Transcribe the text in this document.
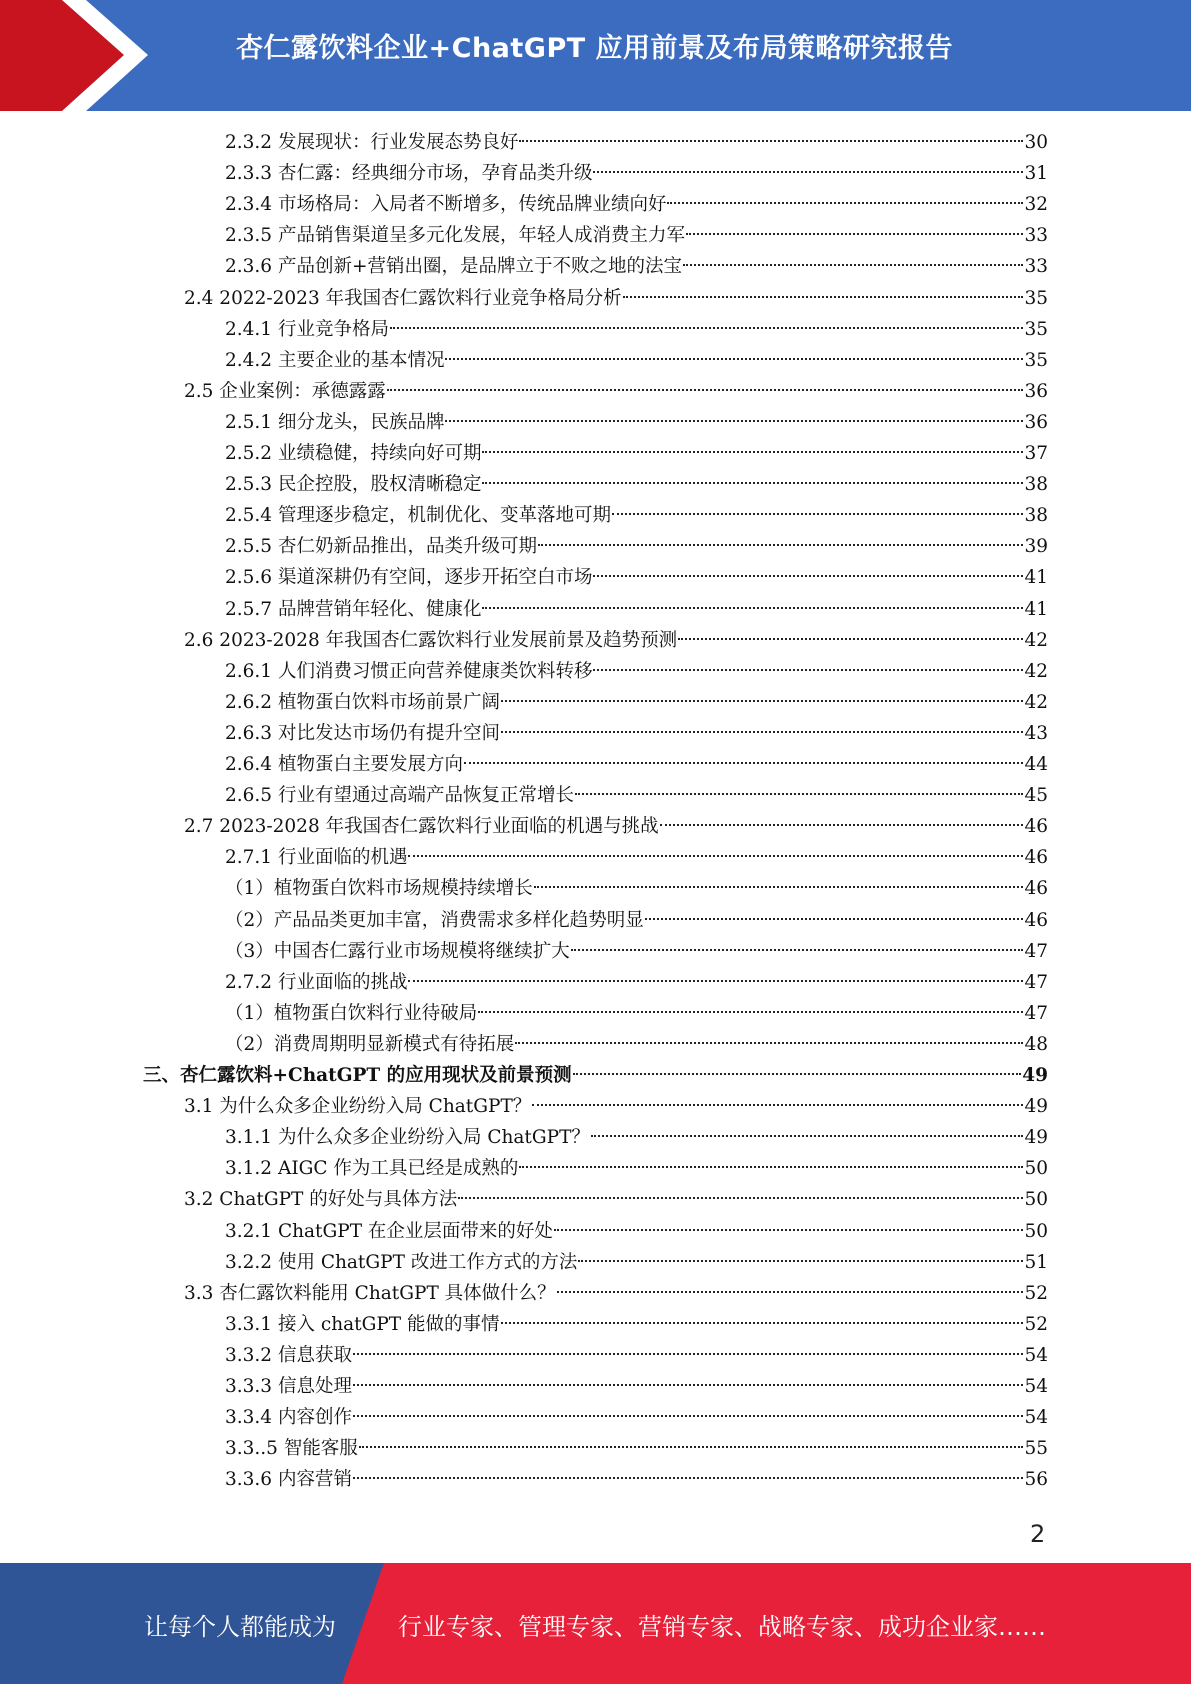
杏仁露饮料企业+ChatGPT 应用前景及布局策略研究报告
2.3.2 发展现状：行业发展态势良好	30
2.3.3 杏仁露：经典细分市场，孕育品类升级	31
2.3.4 市场格局：入局者不断增多，传统品牌业绩向好	32
2.3.5 产品销售渠道呈多元化发展，年轻人成消费主力军	33
2.3.6 产品创新+营销出圈，是品牌立于不败之地的法宝	33
2.4 2022-2023 年我国杏仁露饮料行业竞争格局分析	35
2.4.1 行业竞争格局	35
2.4.2 主要企业的基本情况	35
2.5 企业案例：承德露露	36
2.5.1 细分龙头，民族品牌	36
2.5.2 业绩稳健，持续向好可期	37
2.5.3 民企控股，股权清晰稳定	38
2.5.4 管理逐步稳定，机制优化、变革落地可期	38
2.5.5 杏仁奶新品推出，品类升级可期	39
2.5.6 渠道深耕仍有空间，逐步开拓空白市场	41
2.5.7 品牌营销年轻化、健康化	41
2.6 2023-2028 年我国杏仁露饮料行业发展前景及趋势预测	42
2.6.1 人们消费习惯正向营养健康类饮料转移	42
2.6.2 植物蛋白饮料市场前景广阔	42
2.6.3 对比发达市场仍有提升空间	43
2.6.4 植物蛋白主要发展方向	44
2.6.5 行业有望通过高端产品恢复正常增长	45
2.7 2023-2028 年我国杏仁露饮料行业面临的机遇与挑战	46
2.7.1 行业面临的机遇	46
（1）植物蛋白饮料市场规模持续增长	46
（2）产品品类更加丰富，消费需求多样化趋势明显	46
（3）中国杏仁露行业市场规模将继续扩大	47
2.7.2 行业面临的挑战	47
（1）植物蛋白饮料行业待破局	47
（2）消费周期明显新模式有待拓展	48
三、杏仁露饮料+ChatGPT 的应用现状及前景预测	49
3.1 为什么众多企业纷纷入局 ChatGPT？	49
3.1.1 为什么众多企业纷纷入局 ChatGPT？	49
3.1.2 AIGC 作为工具已经是成熟的	50
3.2 ChatGPT 的好处与具体方法	50
3.2.1 ChatGPT 在企业层面带来的好处	50
3.2.2 使用 ChatGPT 改进工作方式的方法	51
3.3 杏仁露饮料能用 ChatGPT 具体做什么？	52
3.3.1 接入 chatGPT 能做的事情	52
3.3.2 信息获取	54
3.3.3 信息处理	54
3.3.4 内容创作	54
3.3..5 智能客服	55
3.3.6 内容营销	56
2
让每个人都能成为	行业专家、管理专家、营销专家、战略专家、成功企业家……
